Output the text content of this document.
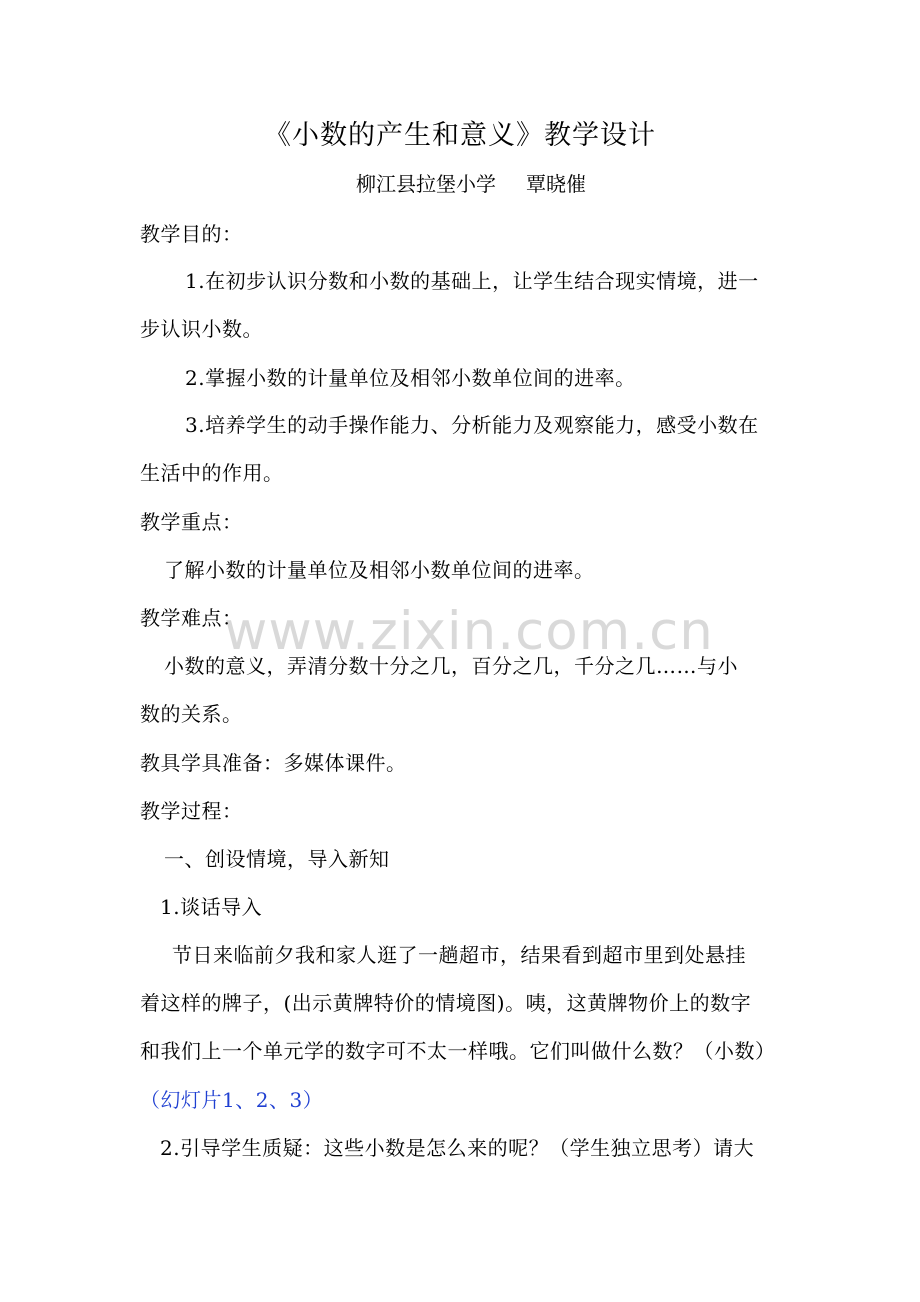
《小数的产生和意义》教学设计
柳江县拉堡小学 覃晓催
教学目的：
1.在初步认识分数和小数的基础上，让学生结合现实情境，进一
步认识小数。
2.掌握小数的计量单位及相邻小数单位间的进率。
3.培养学生的动手操作能力、分析能力及观察能力，感受小数在
生活中的作用。
教学重点：
了解小数的计量单位及相邻小数单位间的进率。
www.zixin.com.cn
教学难点：
小数的意义，弄清分数十分之几，百分之几，千分之几……与小
数的关系。
教具学具准备：多媒体课件。
教学过程：
一、创设情境，导入新知
1.谈话导入
节日来临前夕我和家人逛了一趟超市，结果看到超市里到处悬挂
着这样的牌子，(出示黄牌特价的情境图)。咦，这黄牌物价上的数字
和我们上一个单元学的数字可不太一样哦。它们叫做什么数？（小数）
（幻灯片1、2、3）
2.引导学生质疑：这些小数是怎么来的呢？（学生独立思考）请大
